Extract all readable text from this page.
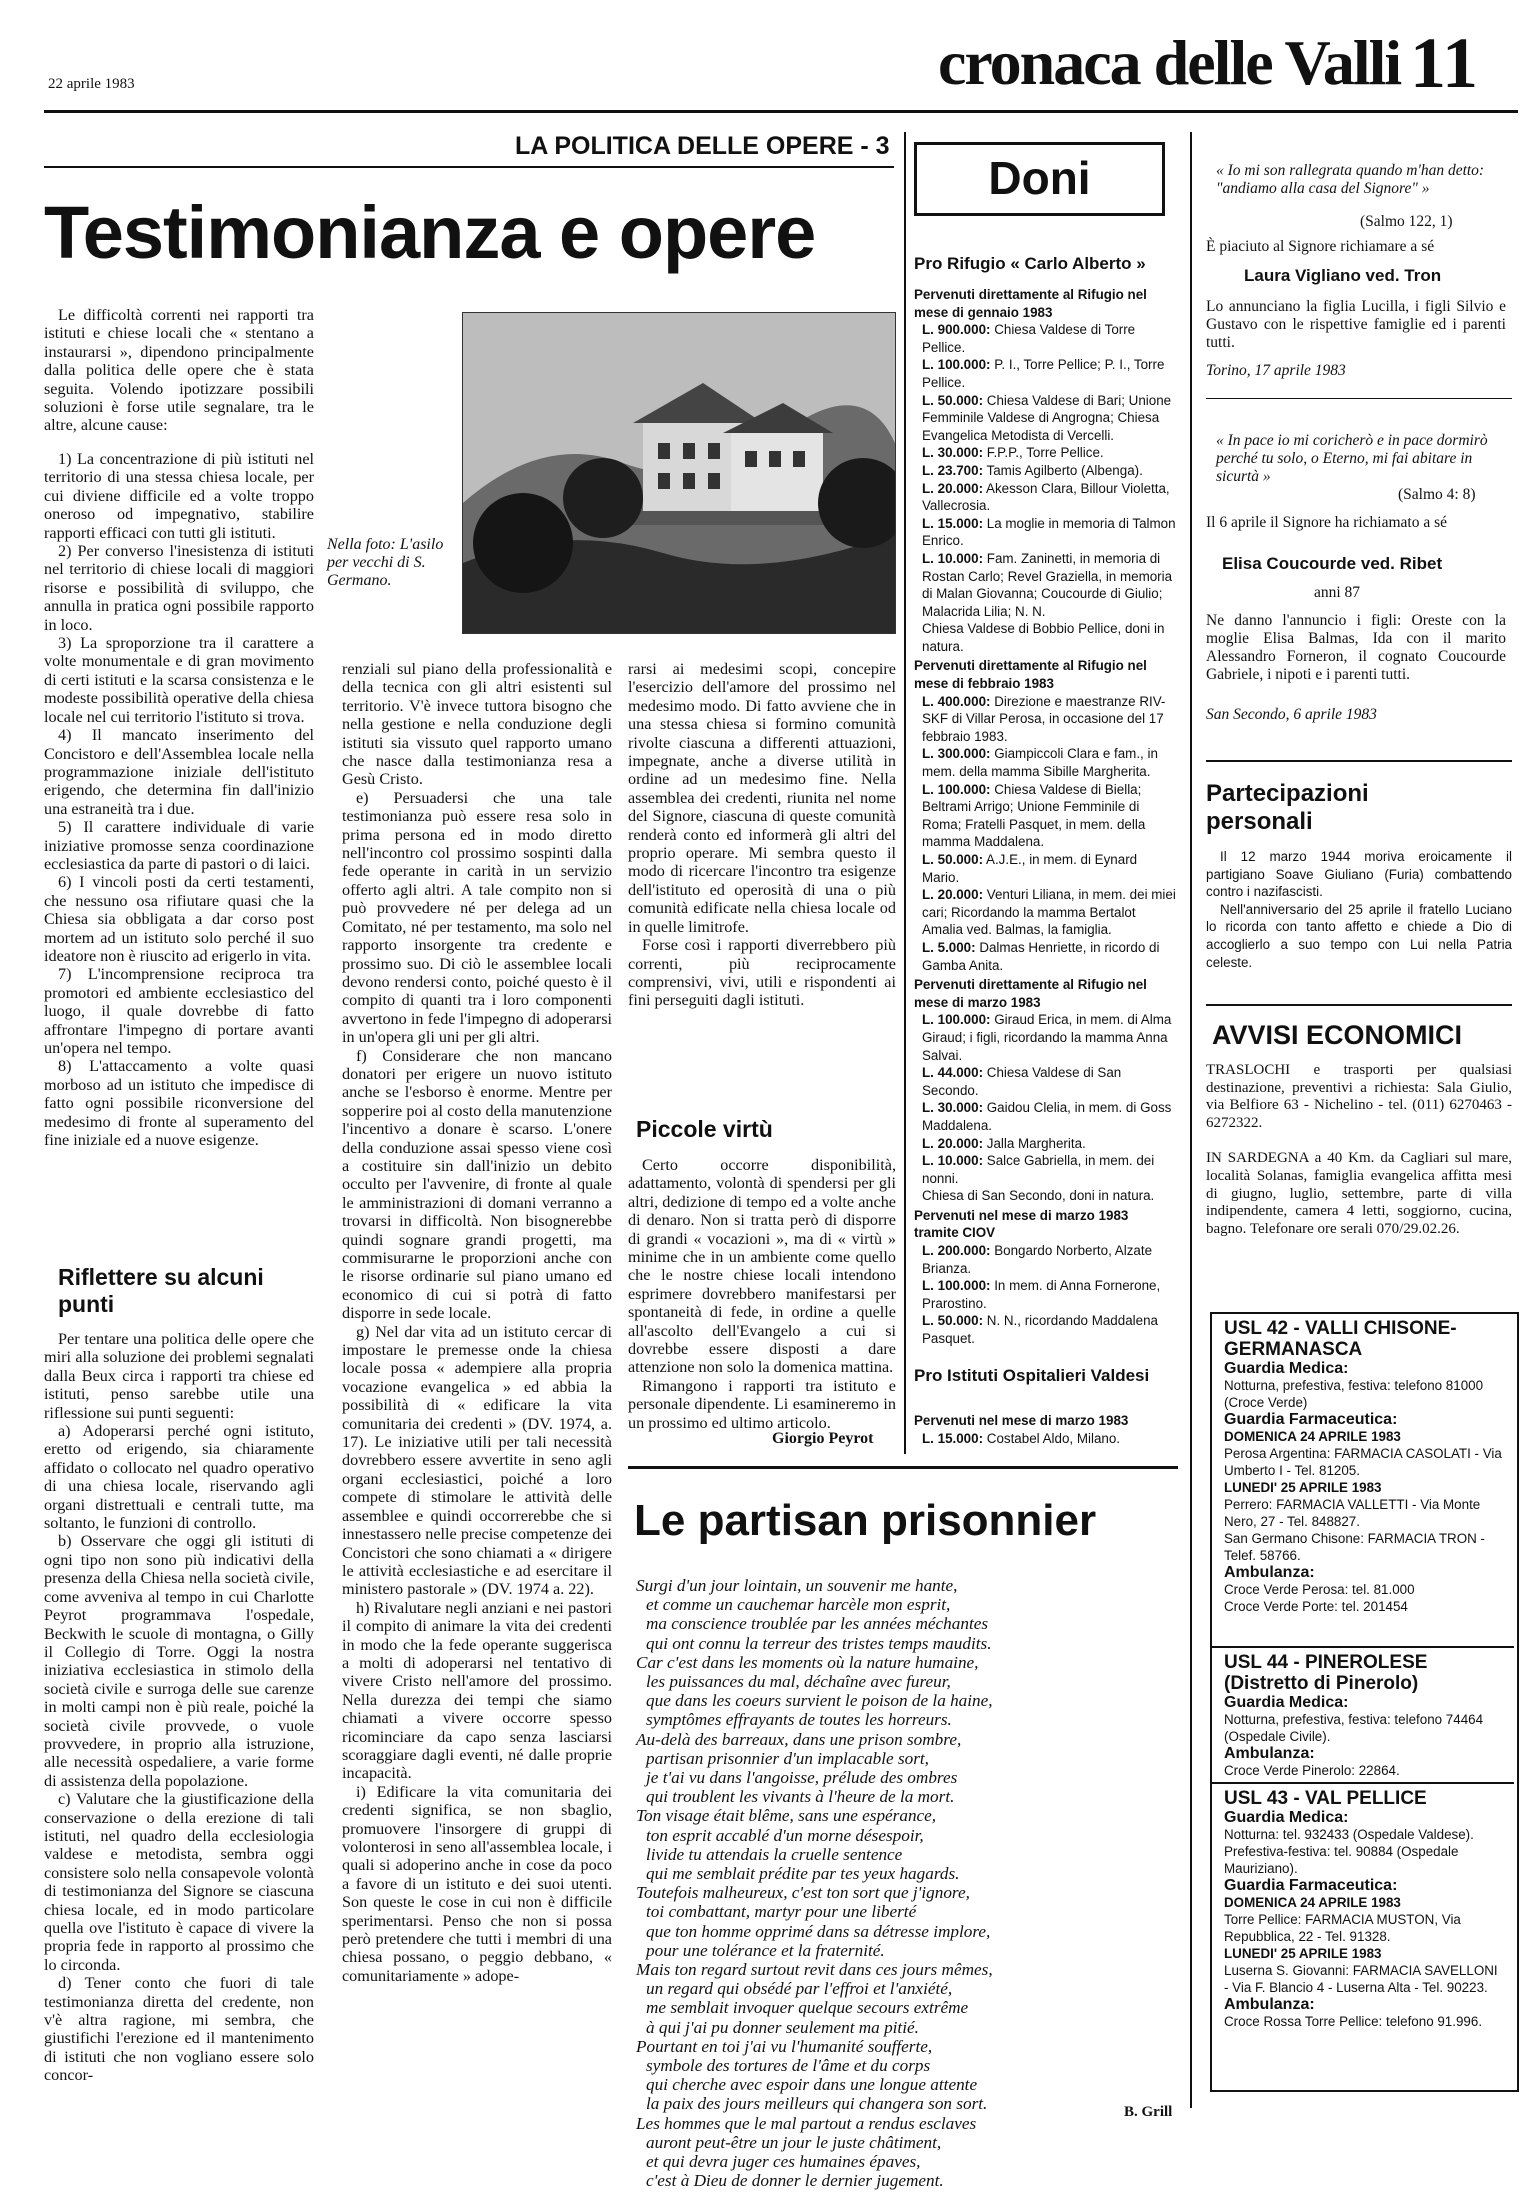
22 aprile 1983	cronaca delle Valli 11
LA POLITICA DELLE OPERE - 3
Testimonianza e opere
Nella foto: L'asilo per vecchi di S. Germano.

Le difficoltà correnti nei rapporti tra istituti e chiese locali che « stentano a instaurarsi », dipendono principalmente dalla politica delle opere che è stata seguita. Volendo ipotizzare possibili soluzioni è forse utile segnalare, tra le altre, alcune cause:

1) La concentrazione di più istituti nel territorio di una stessa chiesa locale, per cui diviene difficile ed a volte troppo oneroso od impegnativo, stabilire rapporti efficaci con tutti gli istituti.

2) Per converso l'inesistenza di istituti nel territorio di chiese locali di maggiori risorse e possibilità di sviluppo, che annulla in pratica ogni possibile rapporto in loco.

3) La sproporzione tra il carattere a volte monumentale e di gran movimento di certi istituti e la scarsa consistenza e le modeste possibilità operative della chiesa locale nel cui territorio l'istituto si trova.

4) Il mancato inserimento del Concistoro e dell'Assemblea locale nella programmazione iniziale dell'istituto erigendo, che determina fin dall'inizio una estraneità tra i due.

5) Il carattere individuale di varie iniziative promosse senza coordinazione ecclesiastica da parte di pastori o di laici.

6) I vincoli posti da certi testamenti, che nessuno osa rifiutare quasi che la Chiesa sia obbligata a dar corso post mortem ad un istituto solo perché il suo ideatore non è riuscito ad erigerlo in vita.

7) L'incomprensione reciproca tra promotori ed ambiente ecclesiastico del luogo, il quale dovrebbe di fatto affrontare l'impegno di portare avanti un'opera nel tempo.

8) L'attaccamento a volte quasi morboso ad un istituto che impedisce di fatto ogni possibile riconversione del medesimo di fronte al superamento del fine iniziale ed a nuove esigenze.

Riflettere su alcuni punti

Per tentare una politica delle opere che miri alla soluzione dei problemi segnalati dalla Beux circa i rapporti tra chiese ed istituti, penso sarebbe utile una riflessione sui punti seguenti:

a) Adoperarsi perché ogni istituto, eretto od erigendo, sia chiaramente affidato o collocato nel quadro operativo di una chiesa locale, riservando agli organi distrettuali e centrali tutte, ma soltanto, le funzioni di controllo.

b) Osservare che oggi gli istituti di ogni tipo non sono più indicativi della presenza della Chiesa nella società civile, come avveniva al tempo in cui Charlotte Peyrot programmava l'ospedale, Beckwith le scuole di montagna, o Gilly il Collegio di Torre. Oggi la nostra iniziativa ecclesiastica in stimolo della società civile e surroga delle sue carenze in molti campi non è più reale, poiché la società civile provvede, o vuole provvedere, in proprio alla istruzione, alle necessità ospedaliere, a varie forme di assistenza della popolazione.

c) Valutare che la giustificazione della conservazione o della erezione di tali istituti, nel quadro della ecclesiologia valdese e metodista, sembra oggi consistere solo nella consapevole volontà di testimonianza del Signore se ciascuna chiesa locale, ed in modo particolare quella ove l'istituto è capace di vivere la propria fede in rapporto al prossimo che lo circonda.

d) Tener conto che fuori di tale testimonianza diretta del credente, non v'è altra ragione, mi sembra, che giustifichi l'erezione ed il mantenimento di istituti che non vogliano essere solo concor-

renziali sul piano della professionalità e della tecnica con gli altri esistenti sul territorio. V'è invece tuttora bisogno che nella gestione e nella conduzione degli istituti sia vissuto quel rapporto umano che nasce dalla testimonianza resa a Gesù Cristo.

e) Persuadersi che una tale testimonianza può essere resa solo in prima persona ed in modo diretto nell'incontro col prossimo sospinti dalla fede operante in carità in un servizio offerto agli altri. A tale compito non si può provvedere né per delega ad un Comitato, né per testamento, ma solo nel rapporto insorgente tra credente e prossimo suo. Di ciò le assemblee locali devono rendersi conto, poiché questo è il compito di quanti tra i loro componenti avvertono in fede l'impegno di adoperarsi in un'opera gli uni per gli altri.

f) Considerare che non mancano donatori per erigere un nuovo istituto anche se l'esborso è enorme. Mentre per sopperire poi al costo della manutenzione l'incentivo a donare è scarso. L'onere della conduzione assai spesso viene così a costituire sin dall'inizio un debito occulto per l'avvenire, di fronte al quale le amministrazioni di domani verranno a trovarsi in difficoltà. Non bisognerebbe quindi sognare grandi progetti, ma commisurarne le proporzioni anche con le risorse ordinarie sul piano umano ed economico di cui si potrà di fatto disporre in sede locale.

g) Nel dar vita ad un istituto cercar di impostare le premesse onde la chiesa locale possa « adempiere alla propria vocazione evangelica » ed abbia la possibilità di « edificare la vita comunitaria dei credenti » (DV. 1974, a. 17). Le iniziative utili per tali necessità dovrebbero essere avvertite in seno agli organi ecclesiastici, poiché a loro compete di stimolare le attività delle assemblee e quindi occorrerebbe che si innestassero nelle precise competenze dei Concistori che sono chiamati a « dirigere le attività ecclesiastiche e ad esercitare il ministero pastorale » (DV. 1974 a. 22).

h) Rivalutare negli anziani e nei pastori il compito di animare la vita dei credenti in modo che la fede operante suggerisca a molti di adoperarsi nel tentativo di vivere Cristo nell'amore del prossimo. Nella durezza dei tempi che siamo chiamati a vivere occorre spesso ricominciare da capo senza lasciarsi scoraggiare dagli eventi, né dalle proprie incapacità.

i) Edificare la vita comunitaria dei credenti significa, se non sbaglio, promuovere l'insorgere di gruppi di volonterosi in seno all'assemblea locale, i quali si adoperino anche in cose da poco a favore di un istituto e dei suoi utenti. Son queste le cose in cui non è difficile sperimentarsi. Penso che non si possa però pretendere che tutti i membri di una chiesa possano, o peggio debbano, « comunitariamente » adope-

rarsi ai medesimi scopi, concepire l'esercizio dell'amore del prossimo nel medesimo modo. Di fatto avviene che in una stessa chiesa si formino comunità rivolte ciascuna a differenti attuazioni, impegnate, anche a diverse utilità in ordine ad un medesimo fine. Nella assemblea dei credenti, riunita nel nome del Signore, ciascuna di queste comunità renderà conto ed informerà gli altri del proprio operare. Mi sembra questo il modo di ricercare l'incontro tra esigenze dell'istituto ed operosità di una o più comunità edificate nella chiesa locale od in quelle limitrofe.

Forse così i rapporti diverrebbero più correnti, più reciprocamente comprensivi, vivi, utili e rispondenti ai fini perseguiti dagli istituti.

Piccole virtù

Certo occorre disponibilità, adattamento, volontà di spendersi per gli altri, dedizione di tempo ed a volte anche di denaro. Non si tratta però di disporre di grandi « vocazioni », ma di « virtù » minime che in un ambiente come quello che le nostre chiese locali intendono esprimere dovrebbero manifestarsi per spontaneità di fede, in ordine a quelle all'ascolto dell'Evangelo a cui si dovrebbe essere disposti a dare attenzione non solo la domenica mattina.

Rimangono i rapporti tra istituto e personale dipendente. Li esamineremo in un prossimo ed ultimo articolo.

Giorgio Peyrot
Doni
Pro Rifugio « Carlo Alberto »

Pervenuti direttamente al Rifugio nel mese di gennaio 1983

L. 900.000: Chiesa Valdese di Torre Pellice.

L. 100.000: P. I., Torre Pellice; P. I., Torre Pellice.

L. 50.000: Chiesa Valdese di Bari; Unione Femminile Valdese di Angrogna; Chiesa Evangelica Metodista di Vercelli.

L. 30.000: F.P.P., Torre Pellice.

L. 23.700: Tamis Agilberto (Albenga).

L. 20.000: Akesson Clara, Billour Violetta, Vallecrosia.

L. 15.000: La moglie in memoria di Talmon Enrico.

L. 10.000: Fam. Zaninetti, in memoria di Rostan Carlo; Revel Graziella, in memoria di Malan Giovanna; Coucourde di Giulio; Malacrida Lilia; N. N.

Chiesa Valdese di Bobbio Pellice, doni in natura.

Pervenuti direttamente al Rifugio nel mese di febbraio 1983

L. 400.000: Direzione e maestranze RIV-SKF di Villar Perosa, in occasione del 17 febbraio 1983.

L. 300.000: Giampiccoli Clara e fam., in mem. della mamma Sibille Margherita.

L. 100.000: Chiesa Valdese di Biella; Beltrami Arrigo; Unione Femminile di Roma; Fratelli Pasquet, in mem. della mamma Maddalena.

L. 50.000: A.J.E., in mem. di Eynard Mario.

L. 20.000: Venturi Liliana, in mem. dei miei cari; Ricordando la mamma Bertalot Amalia ved. Balmas, la famiglia.

L. 5.000: Dalmas Henriette, in ricordo di Gamba Anita.

Pervenuti direttamente al Rifugio nel mese di marzo 1983

L. 100.000: Giraud Erica, in mem. di Alma Giraud; i figli, ricordando la mamma Anna Salvai.

L. 44.000: Chiesa Valdese di San Secondo.

L. 30.000: Gaidou Clelia, in mem. di Goss Maddalena.

L. 20.000: Jalla Margherita.

L. 10.000: Salce Gabriella, in mem. dei nonni.

Chiesa di San Secondo, doni in natura.

Pervenuti nel mese di marzo 1983 tramite CIOV

L. 200.000: Bongardo Norberto, Alzate Brianza.

L. 100.000: In mem. di Anna Fornerone, Prarostino.

L. 50.000: N. N., ricordando Maddalena Pasquet.

Pro Istituti Ospitalieri Valdesi

Pervenuti nel mese di marzo 1983

L. 15.000: Costabel Aldo, Milano.

« Io mi son rallegrata quando m'han detto: "andiamo alla casa del Signore" »
(Salmo 122, 1)
È piaciuto al Signore richiamare a sé
Laura Vigliano ved. Tron
Lo annunciano la figlia Lucilla, i figli Silvio e Gustavo con le rispettive famiglie ed i parenti tutti.
Torino, 17 aprile 1983
« In pace io mi coricherò e in pace dormirò perché tu solo, o Eterno, mi fai abitare in sicurtà »
(Salmo 4: 8)
Il 6 aprile il Signore ha richiamato a sé
Elisa Coucourde ved. Ribet
anni 87
Ne danno l'annuncio i figli: Oreste con la moglie Elisa Balmas, Ida con il marito Alessandro Forneron, il cognato Coucourde Gabriele, i nipoti e i parenti tutti.
San Secondo, 6 aprile 1983
Partecipazioni personali

Il 12 marzo 1944 moriva eroicamente il partigiano Soave Giuliano (Furia) combattendo contro i nazifascisti.

Nell'anniversario del 25 aprile il fratello Luciano lo ricorda con tanto affetto e chiede a Dio di accoglierlo a suo tempo con Lui nella Patria celeste.

AVVISI ECONOMICI

TRASLOCHI e trasporti per qualsiasi destinazione, preventivi a richiesta: Sala Giulio, via Belfiore 63 - Nichelino - tel. (011) 6270463 - 6272322.

IN SARDEGNA a 40 Km. da Cagliari sul mare, località Solanas, famiglia evangelica affitta mesi di giugno, luglio, settembre, parte di villa indipendente, camera 4 letti, soggiorno, cucina, bagno. Telefonare ore serali 070/29.02.26.

USL 42 - VALLI CHISONE-GERMANASCA
Guardia Medica:

Notturna, prefestiva, festiva: telefono 81000 (Croce Verde)

Guardia Farmaceutica:

DOMENICA 24 APRILE 1983

Perosa Argentina: FARMACIA CASOLATI - Via Umberto I - Tel. 81205.

LUNEDI' 25 APRILE 1983

Perrero: FARMACIA VALLETTI - Via Monte Nero, 27 - Tel. 848827.

San Germano Chisone: FARMACIA TRON - Telef. 58766.

Ambulanza:

Croce Verde Perosa: tel. 81.000

Croce Verde Porte: tel. 201454

USL 44 - PINEROLESE (Distretto di Pinerolo)
Guardia Medica:

Notturna, prefestiva, festiva: telefono 74464 (Ospedale Civile).

Ambulanza:

Croce Verde Pinerolo: 22864.

USL 43 - VAL PELLICE
Guardia Medica:

Notturna: tel. 932433 (Ospedale Valdese).

Prefestiva-festiva: tel. 90884 (Ospedale Mauriziano).

Guardia Farmaceutica:

DOMENICA 24 APRILE 1983

Torre Pellice: FARMACIA MUSTON, Via Repubblica, 22 - Tel. 91328.

LUNEDI' 25 APRILE 1983

Luserna S. Giovanni: FARMACIA SAVELLONI - Via F. Blancio 4 - Luserna Alta - Tel. 90223.

Ambulanza:

Croce Rossa Torre Pellice: telefono 91.996.

Le partisan prisonnier

Surgi d'un jour lointain, un souvenir me hante,

et comme un cauchemar harcèle mon esprit,

ma conscience troublée par les années méchantes

qui ont connu la terreur des tristes temps maudits.

Car c'est dans les moments où la nature humaine,

les puissances du mal, déchaîne avec fureur,

que dans les coeurs survient le poison de la haine,

symptômes effrayants de toutes les horreurs.

Au-delà des barreaux, dans une prison sombre,

partisan prisonnier d'un implacable sort,

je t'ai vu dans l'angoisse, prélude des ombres

qui troublent les vivants à l'heure de la mort.

Ton visage était blême, sans une espérance,

ton esprit accablé d'un morne désespoir,

livide tu attendais la cruelle sentence

qui me semblait prédite par tes yeux hagards.

Toutefois malheureux, c'est ton sort que j'ignore,

toi combattant, martyr pour une liberté

que ton homme opprimé dans sa détresse implore,

pour une tolérance et la fraternité.

Mais ton regard surtout revit dans ces jours mêmes,

un regard qui obsédé par l'effroi et l'anxiété,

me semblait invoquer quelque secours extrême

à qui j'ai pu donner seulement ma pitié.

Pourtant en toi j'ai vu l'humanité soufferte,

symbole des tortures de l'âme et du corps

qui cherche avec espoir dans une longue attente

la paix des jours meilleurs qui changera son sort.

Les hommes que le mal partout a rendus esclaves

auront peut-être un jour le juste châtiment,

et qui devra juger ces humaines épaves,

c'est à Dieu de donner le dernier jugement.

B. Grill
